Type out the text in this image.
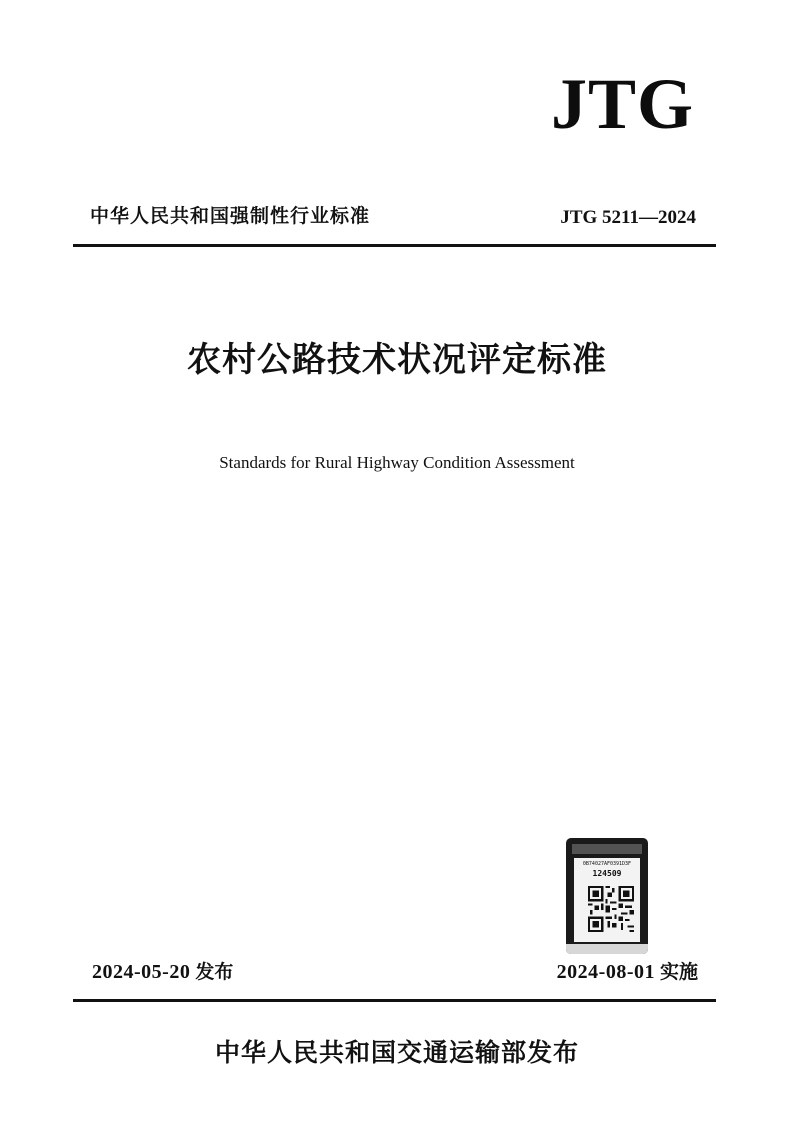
JTG
中华人民共和国强制性行业标准	JTG 5211—2024
农村公路技术状况评定标准
Standards for Rural Highway Condition Assessment
0B74027AF0391D3F
124509
2024-05-20 发布	2024-08-01 实施
中华人民共和国交通运输部发布
